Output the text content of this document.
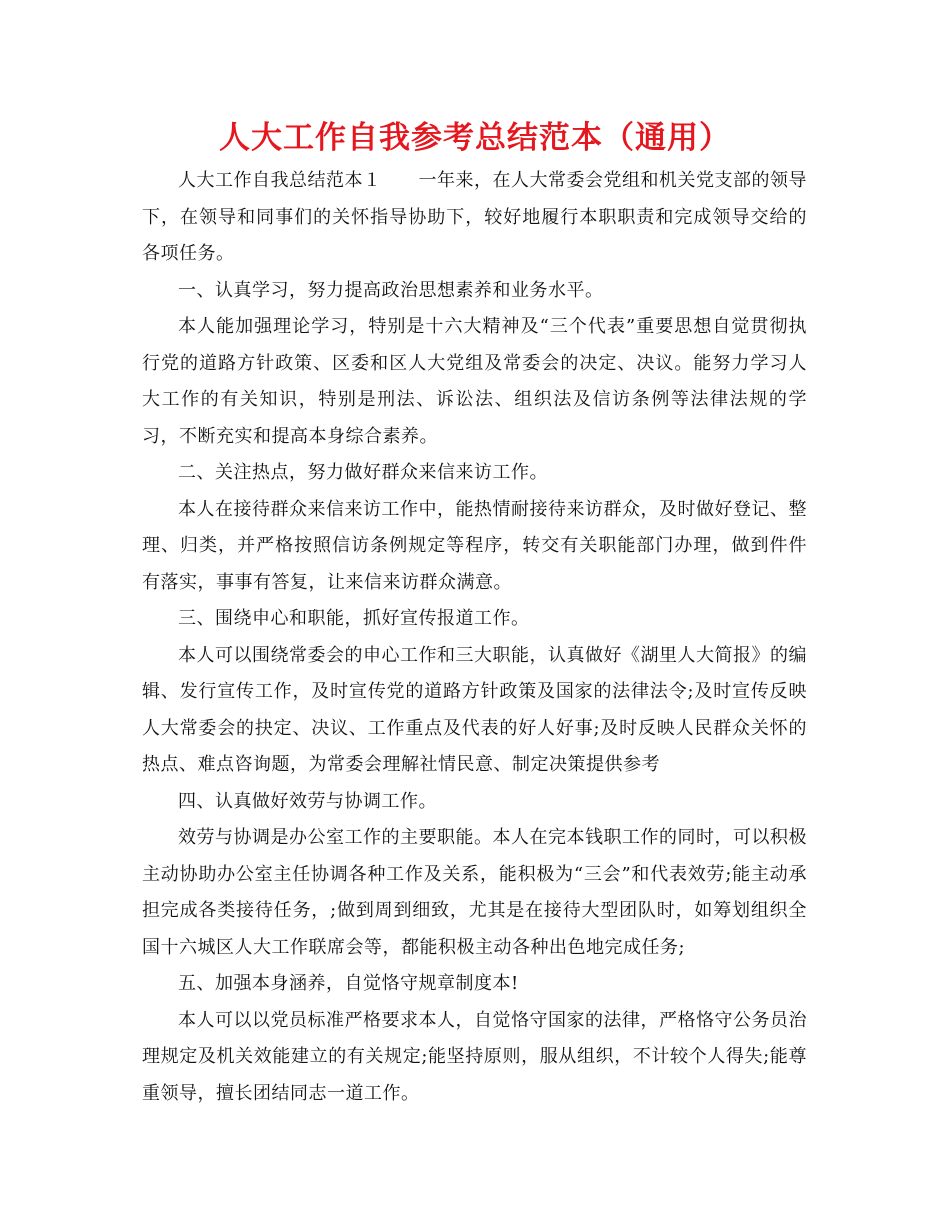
人大工作自我参考总结范本（通用）

人大工作自我总结范本１　　一年来，在人大常委会党组和机关党支部的领导下，在领导和同事们的关怀指导协助下，较好地履行本职职责和完成领导交给的各项任务。

一、认真学习，努力提高政治思想素养和业务水平。

本人能加强理论学习，特别是十六大精神及“三个代表”重要思想自觉贯彻执行党的道路方针政策、区委和区人大党组及常委会的决定、决议。能努力学习人大工作的有关知识，特别是刑法、诉讼法、组织法及信访条例等法律法规的学习，不断充实和提高本身综合素养。

二、关注热点，努力做好群众来信来访工作。

本人在接待群众来信来访工作中，能热情耐接待来访群众，及时做好登记、整理、归类，并严格按照信访条例规定等程序，转交有关职能部门办理，做到件件有落实，事事有答复，让来信来访群众满意。

三、围绕申心和职能，抓好宣传报道工作。

本人可以围绕常委会的申心工作和三大职能，认真做好《湖里人大简报》的编辑、发行宣传工作，及时宣传党的道路方针政策及国家的法律法令;及时宣传反映人大常委会的抉定、决议、工作重点及代表的好人好事;及时反映人民群众关怀的热点、难点咨询题，为常委会理解社情民意、制定决策提供参考

四、认真做好效劳与协调工作。

效劳与协调是办公室工作的主要职能。本人在完本钱职工作的同时，可以积极主动协助办公室主任协调各种工作及关系，能积极为“三会”和代表效劳;能主动承担完成各类接待任务，;做到周到细致，尤其是在接待大型团队时，如筹划组织全国十六城区人大工作联席会等，都能积极主动各种出色地完成任务;

五、加强本身涵养，自觉恪守规章制度本!

本人可以以党员标准严格要求本人，自觉恪守国家的法律，严格恪守公务员治理规定及机关效能建立的有关规定;能坚持原则，服从组织，不计较个人得失;能尊重领导，擅长团结同志一道工作。
